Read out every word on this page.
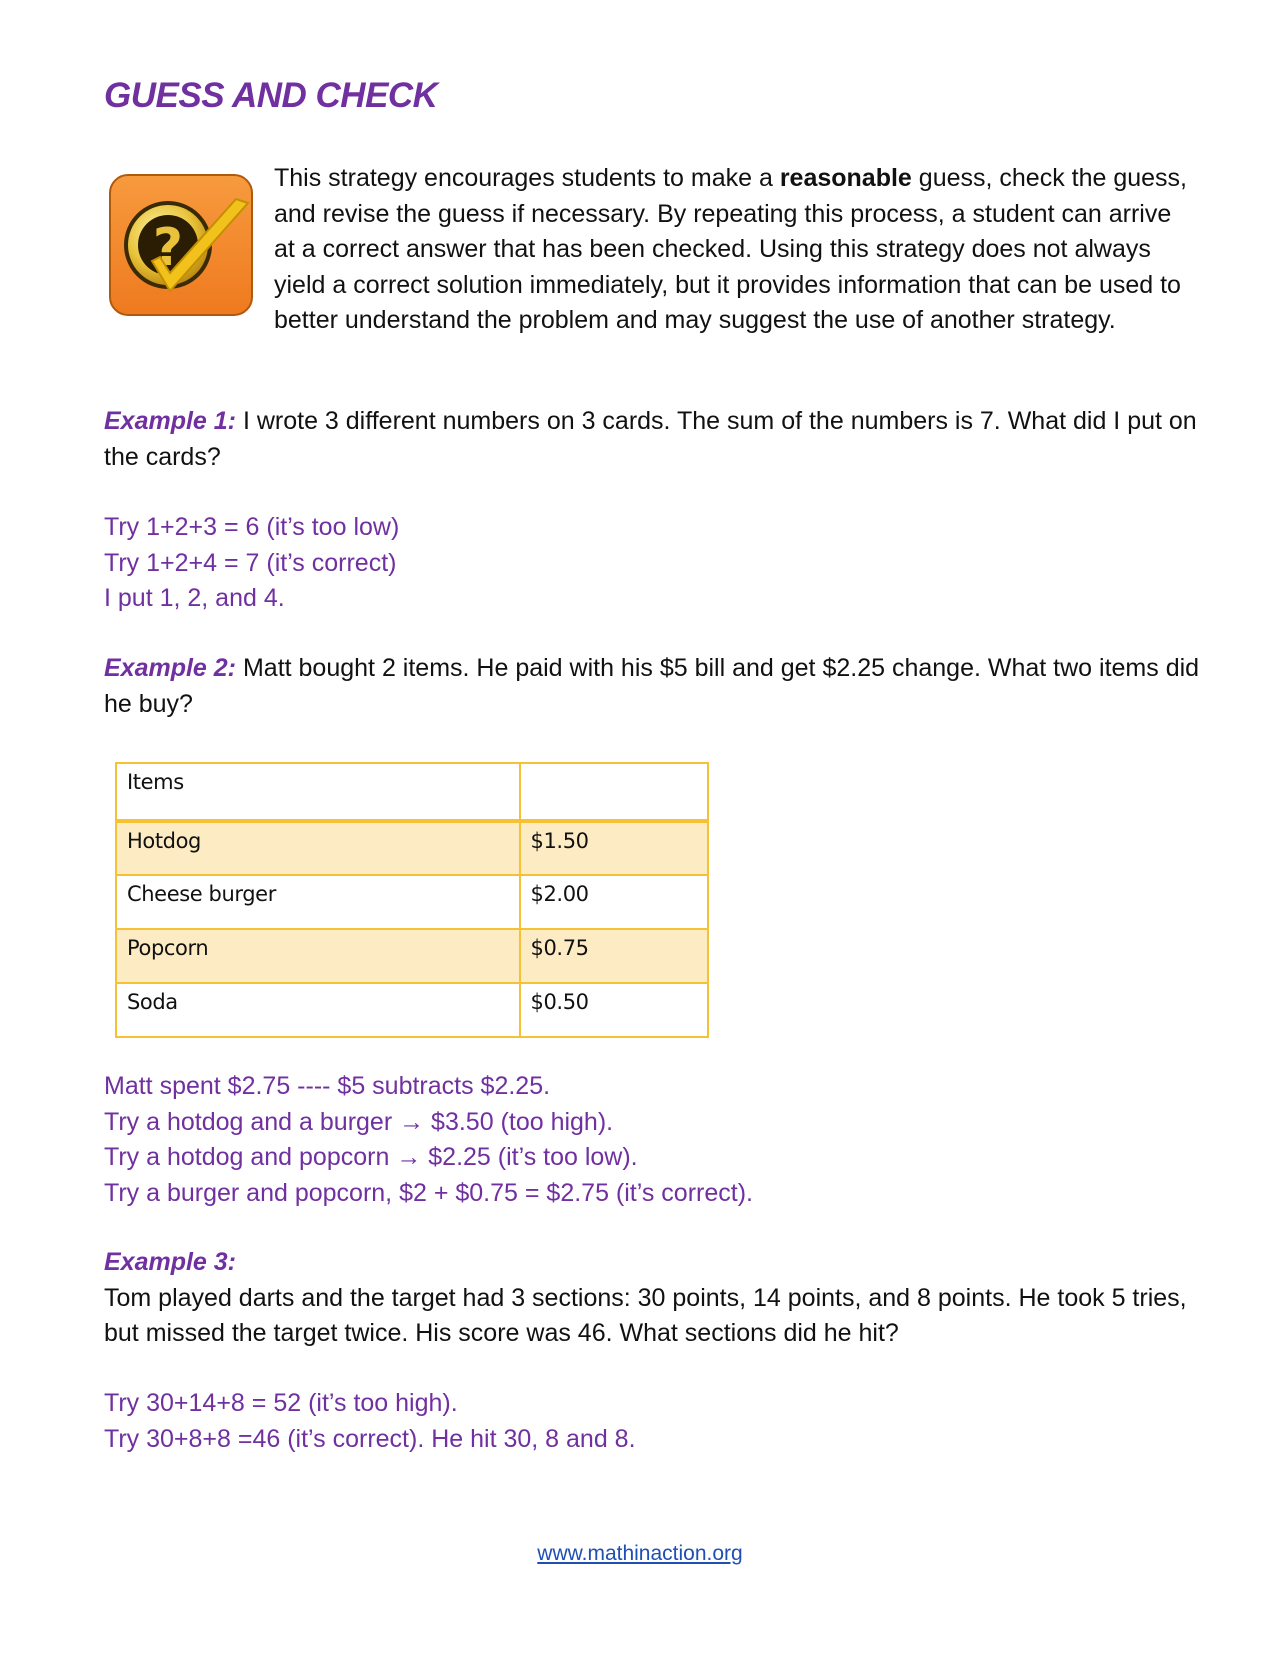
GUESS AND CHECK
?

This strategy encourages students to make a reasonable guess, check the guess, and revise the guess if necessary. By repeating this process, a student can arrive at a correct answer that has been checked. Using this strategy does not always yield a correct solution immediately, but it provides information that can be used to better understand the problem and may suggest the use of another strategy.

Example 1: I wrote 3 different numbers on 3 cards. The sum of the numbers is 7. What did I put on the cards?

Try 1+2+3 = 6 (it’s too low)

Try 1+2+4 = 7 (it’s correct)

I put 1, 2, and 4.

Example 2: Matt bought 2 items. He paid with his $5 bill and get $2.25 change. What two items did he buy?

Items	
Hotdog	$1.50
Cheese burger	$2.00
Popcorn	$0.75
Soda	$0.50

Matt spent $2.75 ---- $5 subtracts $2.25.

Try a hotdog and a burger → $3.50 (too high).

Try a hotdog and popcorn → $2.25 (it’s too low).

Try a burger and popcorn, $2 + $0.75 = $2.75 (it’s correct).

Example 3:

Tom played darts and the target had 3 sections: 30 points, 14 points, and 8 points. He took 5 tries, but missed the target twice. His score was 46. What sections did he hit?

Try 30+14+8 = 52 (it’s too high).

Try 30+8+8 =46 (it’s correct). He hit 30, 8 and 8.

www.mathinaction.org
